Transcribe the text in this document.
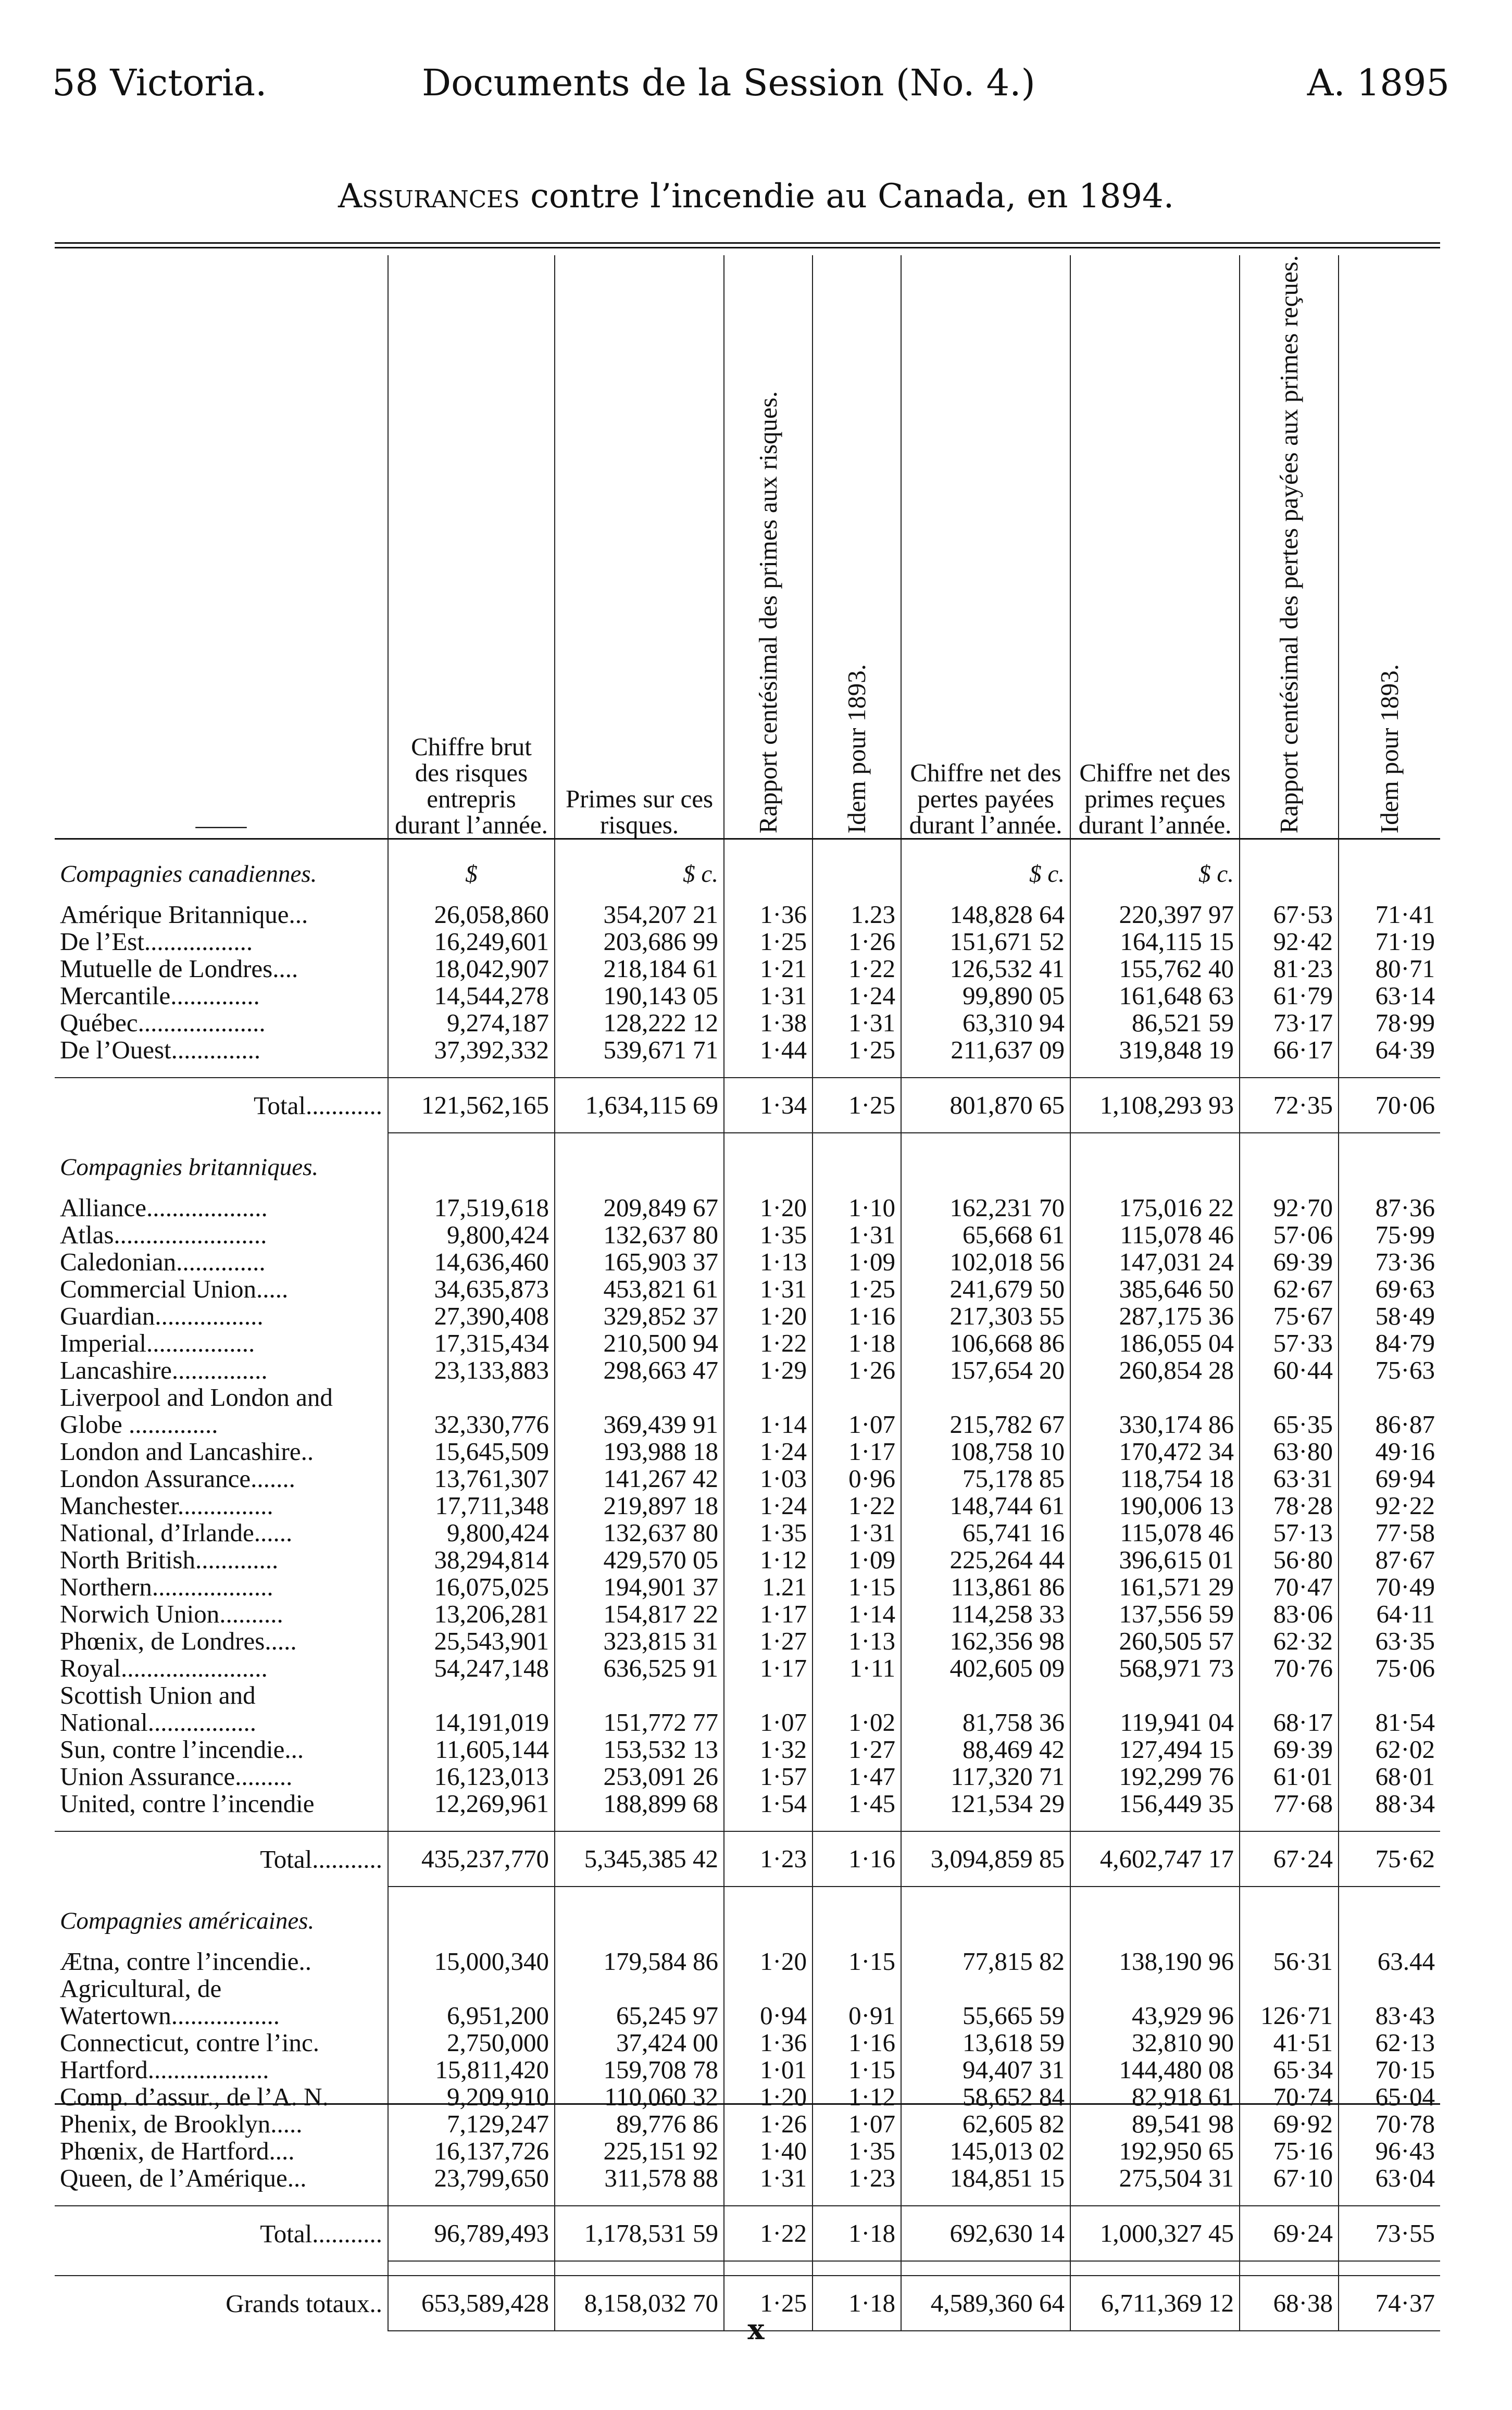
58 Victoria.	Documents de la Session (No. 4.)	A. 1895
Assurances contre l’incendie au Canada, en 1894.
——	Chiffre brut des risques entrepris durant l’année.	Primes sur ces risques.	Rapport centésimal des primes aux risques.	Idem pour 1893.	Chiffre net des pertes payées durant l’année.	Chiffre net des primes reçues durant l’année.	Rapport centésimal des pertes payées aux primes reçues.	Idem pour 1893.
Compagnies canadiennes.	$	$ c.			$ c.	$ c.		

Amérique Britannique...	26,058,860	354,207 21	1·36	1.23	148,828 64	220,397 97	67·53	71·41
De l’Est.................	16,249,601	203,686 99	1·25	1·26	151,671 52	164,115 15	92·42	71·19
Mutuelle de Londres....	18,042,907	218,184 61	1·21	1·22	126,532 41	155,762 40	81·23	80·71
Mercantile..............	14,544,278	190,143 05	1·31	1·24	99,890 05	161,648 63	61·79	63·14
Québec....................	9,274,187	128,222 12	1·38	1·31	63,310 94	86,521 59	73·17	78·99
De l’Ouest..............	37,392,332	539,671 71	1·44	1·25	211,637 09	319,848 19	66·17	64·39

Total............	121,562,165	1,634,115 69	1·34	1·25	801,870 65	1,108,293 93	72·35	70·06
Compagnies britanniques.								

Alliance...................	17,519,618	209,849 67	1·20	1·10	162,231 70	175,016 22	92·70	87·36
Atlas........................	9,800,424	132,637 80	1·35	1·31	65,668 61	115,078 46	57·06	75·99
Caledonian..............	14,636,460	165,903 37	1·13	1·09	102,018 56	147,031 24	69·39	73·36
Commercial Union.....	34,635,873	453,821 61	1·31	1·25	241,679 50	385,646 50	62·67	69·63
Guardian.................	27,390,408	329,852 37	1·20	1·16	217,303 55	287,175 36	75·67	58·49
Imperial.................	17,315,434	210,500 94	1·22	1·18	106,668 86	186,055 04	57·33	84·79
Lancashire...............	23,133,883	298,663 47	1·29	1·26	157,654 20	260,854 28	60·44	75·63
Liverpool and London and Globe ..............	32,330,776	369,439 91	1·14	1·07	215,782 67	330,174 86	65·35	86·87
London and Lancashire..	15,645,509	193,988 18	1·24	1·17	108,758 10	170,472 34	63·80	49·16
London Assurance.......	13,761,307	141,267 42	1·03	0·96	75,178 85	118,754 18	63·31	69·94
Manchester...............	17,711,348	219,897 18	1·24	1·22	148,744 61	190,006 13	78·28	92·22
National, d’Irlande......	9,800,424	132,637 80	1·35	1·31	65,741 16	115,078 46	57·13	77·58
North British.............	38,294,814	429,570 05	1·12	1·09	225,264 44	396,615 01	56·80	87·67
Northern...................	16,075,025	194,901 37	1.21	1·15	113,861 86	161,571 29	70·47	70·49
Norwich Union..........	13,206,281	154,817 22	1·17	1·14	114,258 33	137,556 59	83·06	64·11
Phœnix, de Londres.....	25,543,901	323,815 31	1·27	1·13	162,356 98	260,505 57	62·32	63·35
Royal.......................	54,247,148	636,525 91	1·17	1·11	402,605 09	568,971 73	70·76	75·06
Scottish Union and National.................	14,191,019	151,772 77	1·07	1·02	81,758 36	119,941 04	68·17	81·54
Sun, contre l’incendie...	11,605,144	153,532 13	1·32	1·27	88,469 42	127,494 15	69·39	62·02
Union Assurance.........	16,123,013	253,091 26	1·57	1·47	117,320 71	192,299 76	61·01	68·01
United, contre l’incendie	12,269,961	188,899 68	1·54	1·45	121,534 29	156,449 35	77·68	88·34

Total...........	435,237,770	5,345,385 42	1·23	1·16	3,094,859 85	4,602,747 17	67·24	75·62
Compagnies américaines.								

Ætna, contre l’incendie..	15,000,340	179,584 86	1·20	1·15	77,815 82	138,190 96	56·31	63.44
Agricultural, de Watertown.................	6,951,200	65,245 97	0·94	0·91	55,665 59	43,929 96	126·71	83·43
Connecticut, contre l’inc.	2,750,000	37,424 00	1·36	1·16	13,618 59	32,810 90	41·51	62·13
Hartford...................	15,811,420	159,708 78	1·01	1·15	94,407 31	144,480 08	65·34	70·15
Comp. d’assur., de l’A. N.	9,209,910	110,060 32	1·20	1·12	58,652 84	82,918 61	70·74	65·04
Phenix, de Brooklyn.....	7,129,247	89,776 86	1·26	1·07	62,605 82	89,541 98	69·92	70·78
Phœnix, de Hartford....	16,137,726	225,151 92	1·40	1·35	145,013 02	192,950 65	75·16	96·43
Queen, de l’Amérique...	23,799,650	311,578 88	1·31	1·23	184,851 15	275,504 31	67·10	63·04

Total...........	96,789,493	1,178,531 59	1·22	1·18	692,630 14	1,000,327 45	69·24	73·55

Grands totaux..	653,589,428	8,158,032 70	1·25	1·18	4,589,360 64	6,711,369 12	68·38	74·37
x
